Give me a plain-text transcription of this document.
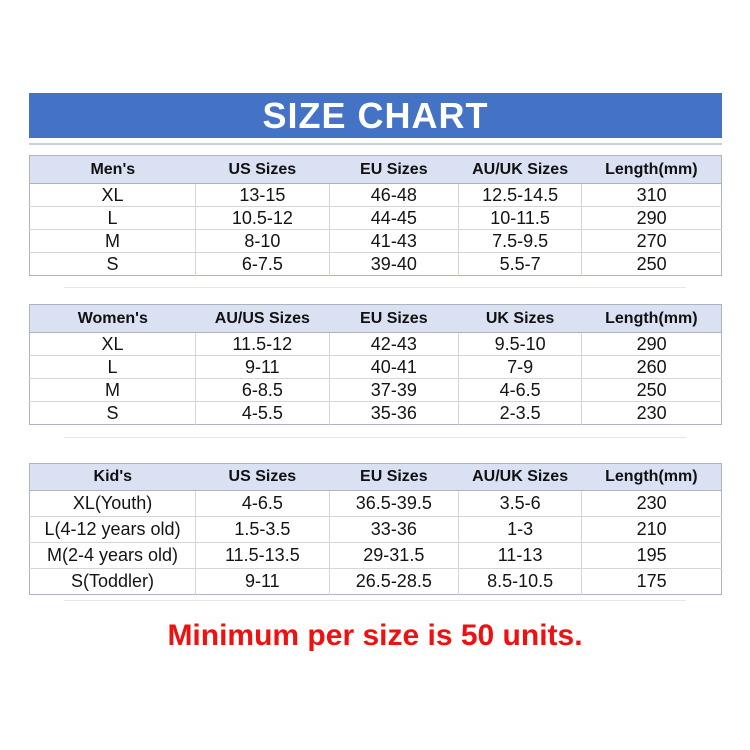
SIZE CHART
Men's	US Sizes	EU Sizes	AU/UK Sizes	Length(mm)
XL	13-15	46-48	12.5-14.5	310
L	10.5-12	44-45	10-11.5	290
M	8-10	41-43	7.5-9.5	270
S	6-7.5	39-40	5.5-7	250
Women's	AU/US Sizes	EU Sizes	UK Sizes	Length(mm)
XL	11.5-12	42-43	9.5-10	290
L	9-11	40-41	7-9	260
M	6-8.5	37-39	4-6.5	250
S	4-5.5	35-36	2-3.5	230
Kid's	US Sizes	EU Sizes	AU/UK Sizes	Length(mm)
XL(Youth)	4-6.5	36.5-39.5	3.5-6	230
L(4-12 years old)	1.5-3.5	33-36	1-3	210
M(2-4 years old)	11.5-13.5	29-31.5	11-13	195
S(Toddler)	9-11	26.5-28.5	8.5-10.5	175
Minimum per size is 50 units.
